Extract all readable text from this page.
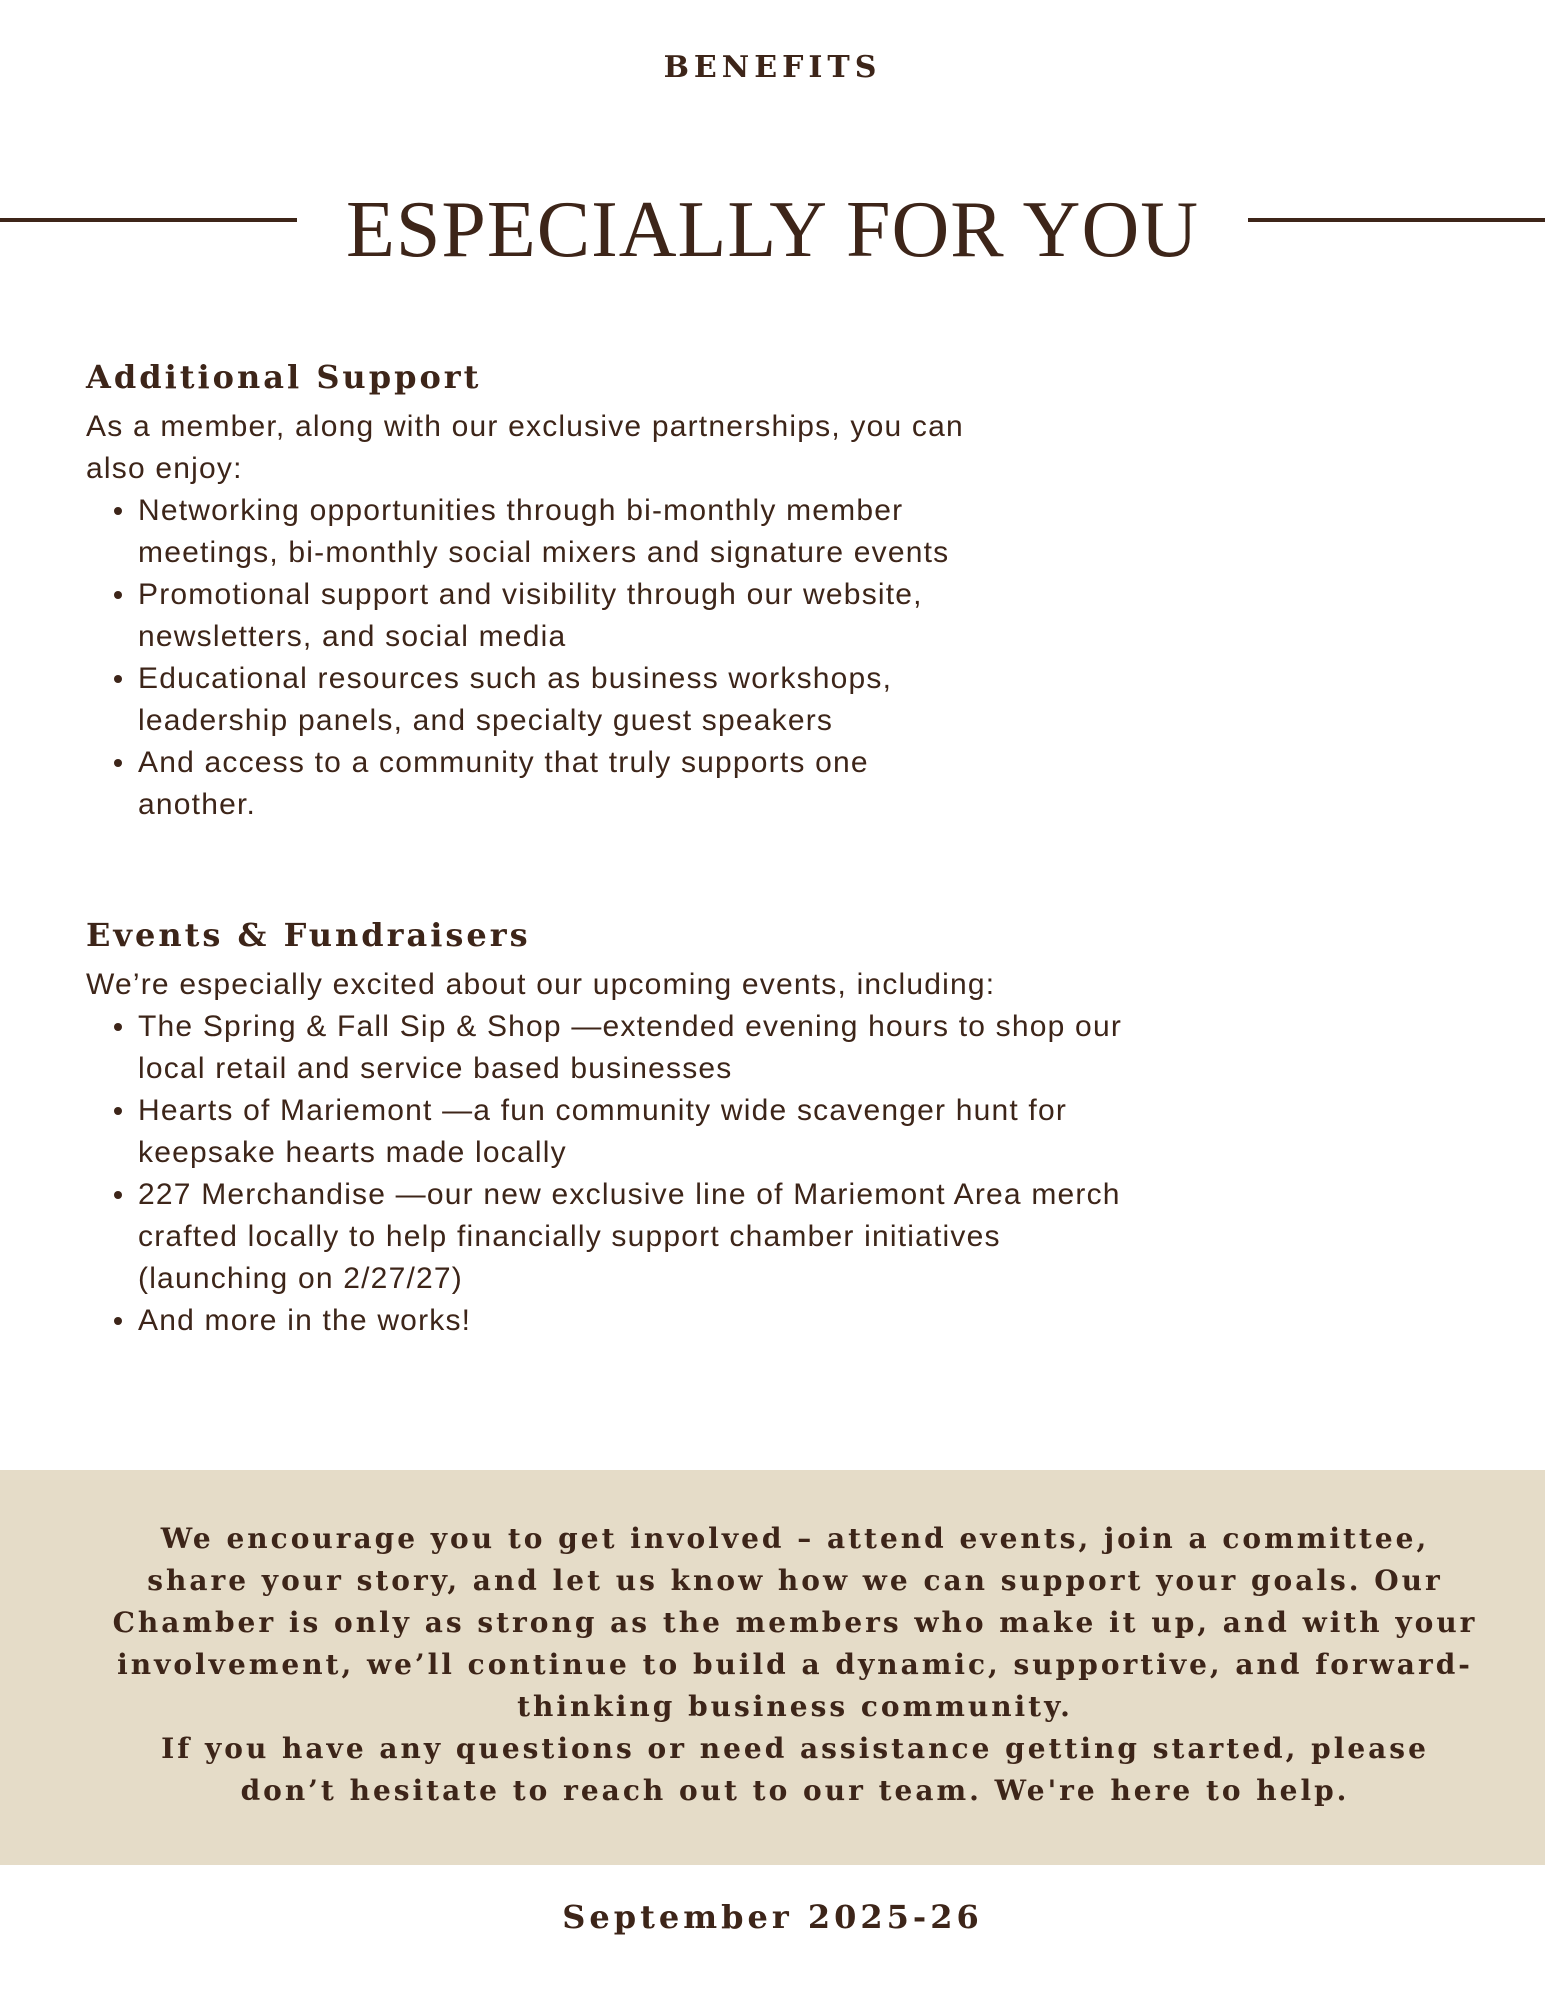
BENEFITS
ESPECIALLY FOR YOU
Additional Support

As a member, along with our exclusive partnerships, you can also enjoy:

Networking opportunities through bi-monthly member meetings, bi-monthly social mixers and signature events
Promotional support and visibility through our website, newsletters, and social media
Educational resources such as business workshops, leadership panels, and specialty guest speakers
And access to a community that truly supports one another.
Events & Fundraisers

We’re especially excited about our upcoming events, including:

The Spring & Fall Sip & Shop —extended evening hours to shop our local retail and service based businesses
Hearts of Mariemont —a fun community wide scavenger hunt for keepsake hearts made locally
227 Merchandise —our new exclusive line of Mariemont Area merch crafted locally to help financially support chamber initiatives (launching on 2/27/27)
And more in the works!

We encourage you to get involved – attend events, join a committee, share your story, and let us know how we can support your goals. Our Chamber is only as strong as the members who make it up, and with your involvement, we’ll continue to build a dynamic, supportive, and forward-thinking business community.
If you have any questions or need assistance getting started, please don’t hesitate to reach out to our team. We're here to help.

September 2025-26
